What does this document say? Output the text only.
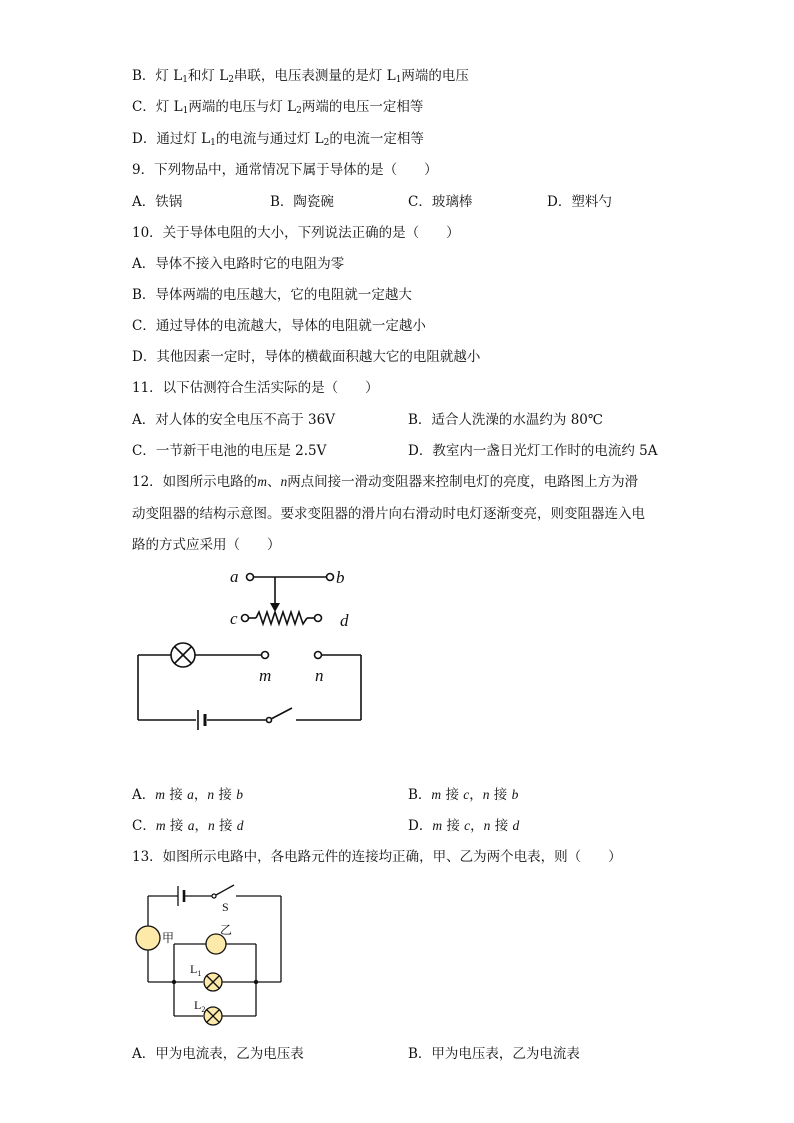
B．灯 $L_1$和灯 $L_2$串联，电压表测量的是灯 $L_1$两端的电压
C．灯 $L_1$两端的电压与灯 $L_2$两端的电压一定相等
D．通过灯 $L_1$的电流与通过灯 $L_2$的电流一定相等
9．下列物品中，通常情况下属于导体的是（　　）
A．铁锅	B．陶瓷碗	C．玻璃棒	D．塑料勺
10．关于导体电阻的大小，下列说法正确的是（　　）
A．导体不接入电路时它的电阻为零
B．导体两端的电压越大，它的电阻就一定越大
C．通过导体的电流越大，导体的电阻就一定越小
D．其他因素一定时，导体的横截面积越大它的电阻就越小
11．以下估测符合生活实际的是（　　）
A．对人体的安全电压不高于 36V	B．适合人洗澡的水温约为 80℃
C．一节新干电池的电压是 2.5V	D．教室内一盏日光灯工作时的电流约 5A
12．如图所示电路的m、n两点间接一滑动变阻器来控制电灯的亮度，电路图上方为滑
动变阻器的结构示意图。要求变阻器的滑片向右滑动时电灯逐渐变亮，则变阻器连入电
路的方式应采用（　　）
a	b
c	d
m	n
A．m 接 a，n 接 b	B．m 接 c，n 接 b
C．m 接 a，n 接 d	D．m 接 c，n 接 d
13．如图所示电路中，各电路元件的连接均正确，甲、乙为两个电表，则（　　）
S
甲
乙
$L_1$
$L_2$
A．甲为电流表，乙为电压表	B．甲为电压表，乙为电流表
